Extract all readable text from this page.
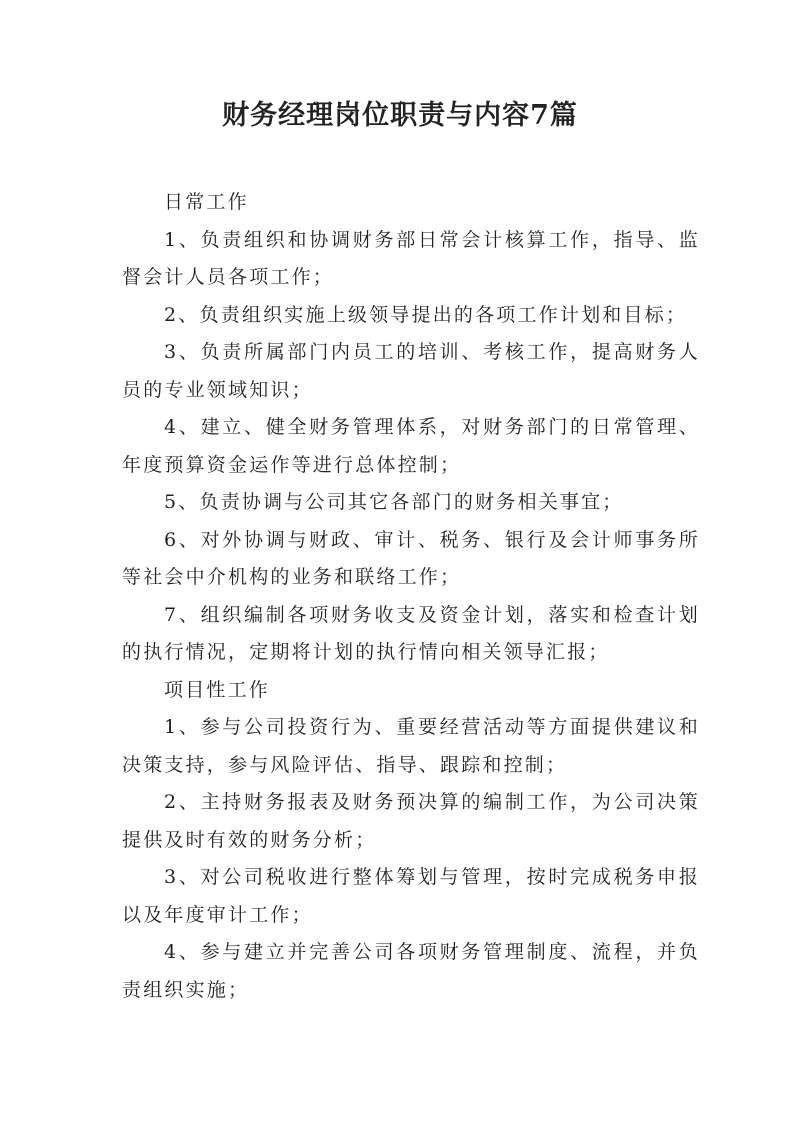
财务经理岗位职责与内容7篇

日常工作

1、负责组织和协调财务部日常会计核算工作，指导、监督会计人员各项工作；

2、负责组织实施上级领导提出的各项工作计划和目标；

3、负责所属部门内员工的培训、考核工作，提高财务人员的专业领域知识；

4、建立、健全财务管理体系，对财务部门的日常管理、年度预算资金运作等进行总体控制；

5、负责协调与公司其它各部门的财务相关事宜；

6、对外协调与财政、审计、税务、银行及会计师事务所等社会中介机构的业务和联络工作；

7、组织编制各项财务收支及资金计划，落实和检查计划的执行情况，定期将计划的执行情向相关领导汇报；

项目性工作

1、参与公司投资行为、重要经营活动等方面提供建议和决策支持，参与风险评估、指导、跟踪和控制；

2、主持财务报表及财务预决算的编制工作，为公司决策提供及时有效的财务分析；

3、对公司税收进行整体筹划与管理，按时完成税务申报以及年度审计工作；

4、参与建立并完善公司各项财务管理制度、流程，并负责组织实施；
